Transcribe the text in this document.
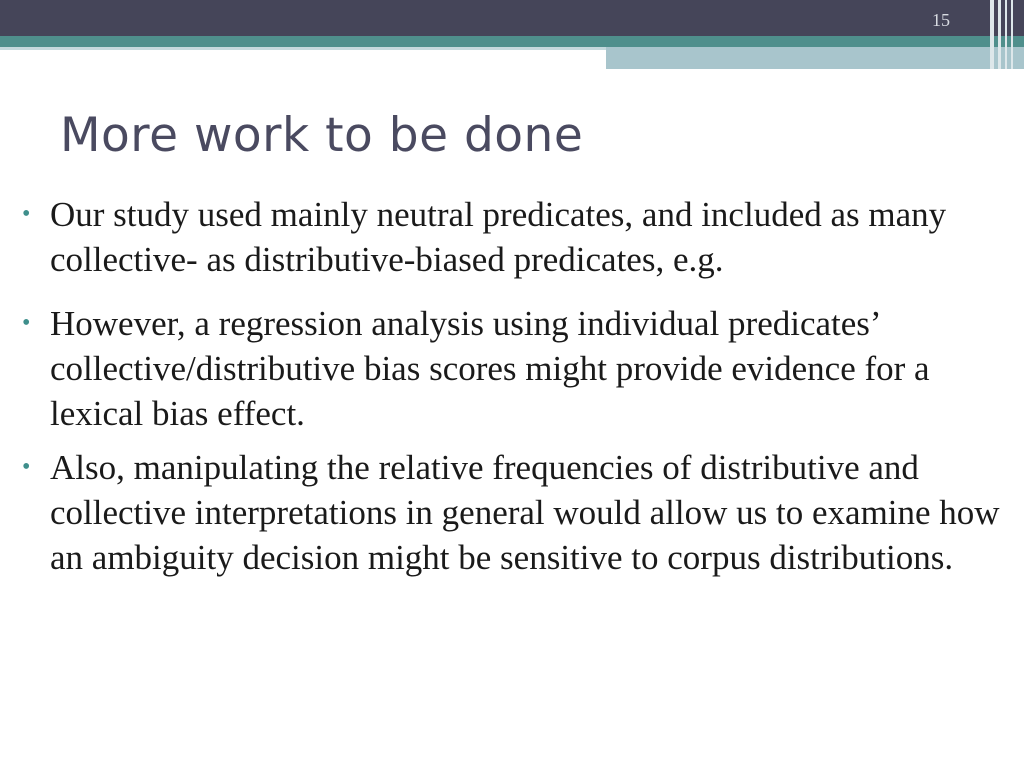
15
More work to be done
• Our study used mainly neutral predicates, and included as many collective- as distributive-biased predicates, e.g.
• However, a regression analysis using individual predicates’ collective/distributive bias scores might provide evidence for a lexical bias effect.
• Also, manipulating the relative frequencies of distributive and collective interpretations in general would allow us to examine how an ambiguity decision might be sensitive to corpus distributions.
